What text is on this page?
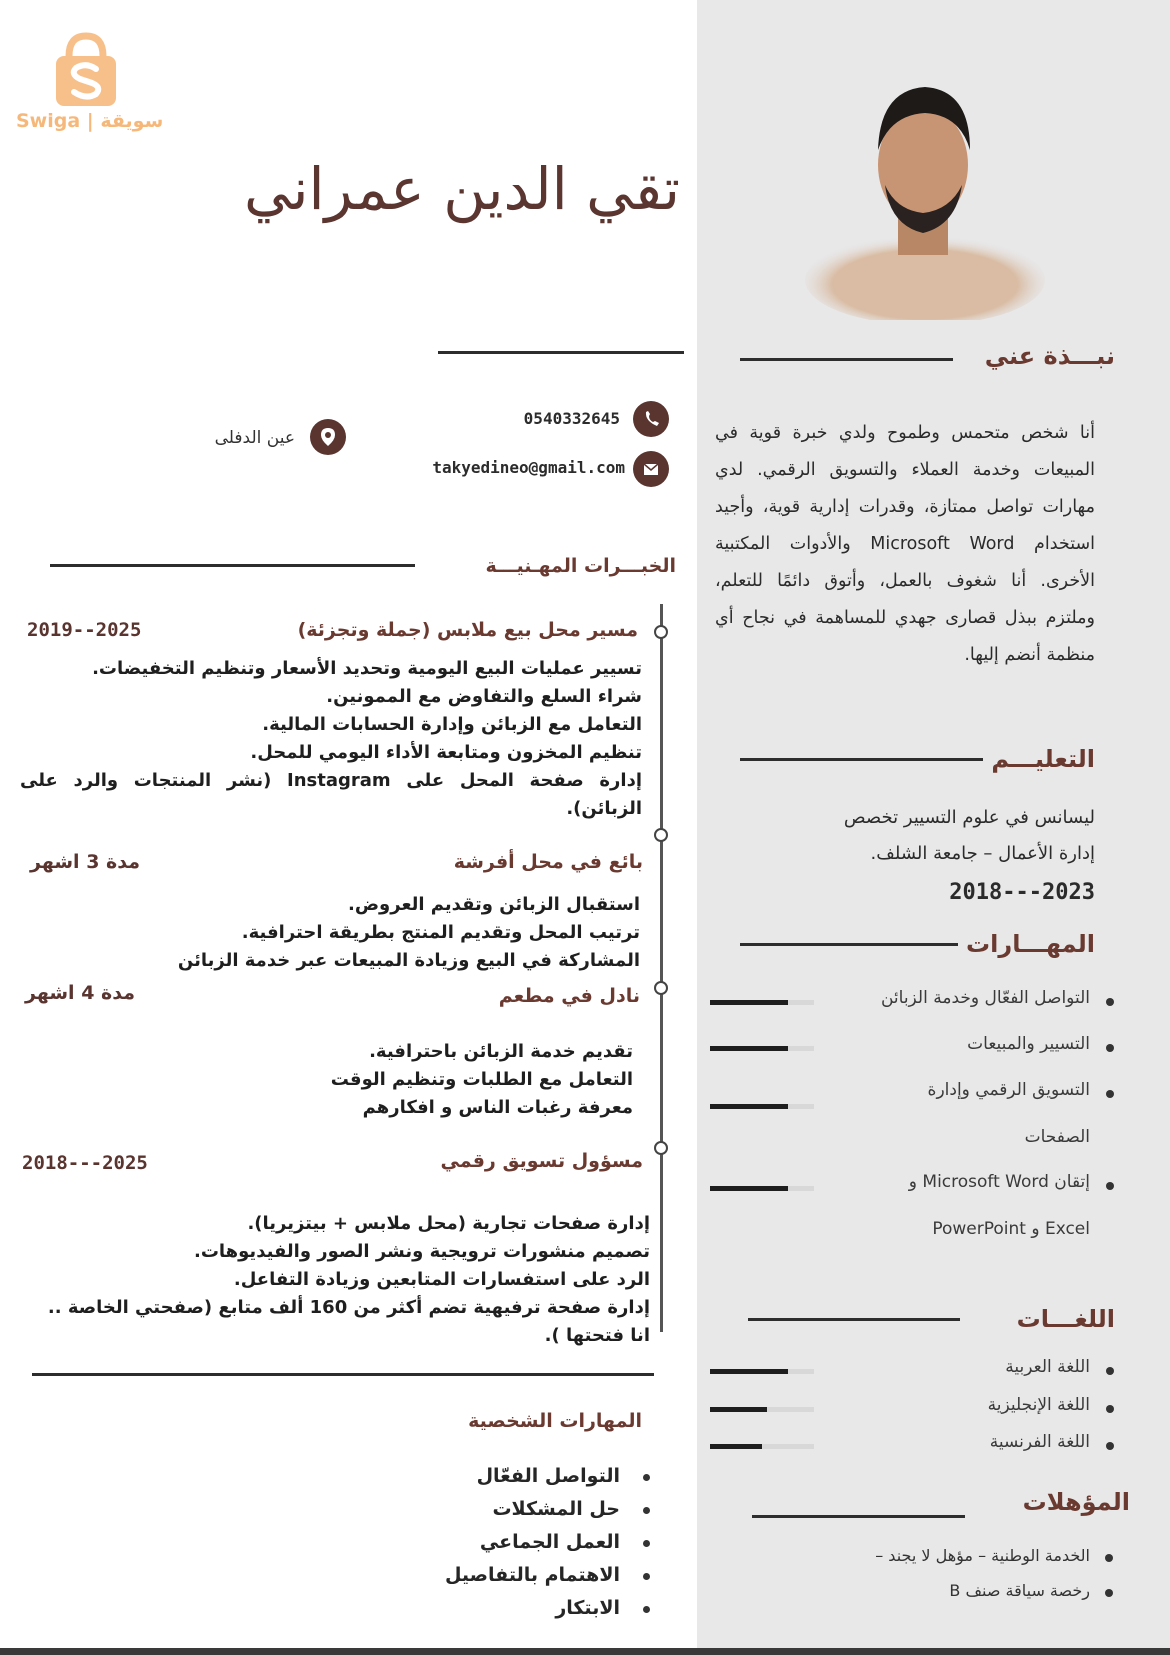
Swiga | سويقة
تقي الدين عمراني
0540332645
takyedineo@gmail.com
عين الدفلى
نبـــذة عني
أنا شخص متحمس وطموح ولدي خبرة قوية في المبيعات وخدمة العملاء والتسويق الرقمي. لدي مهارات تواصل ممتازة، وقدرات إدارية قوية، وأجيد استخدام Microsoft Word والأدوات المكتبية الأخرى. أنا شغوف بالعمل، وأتوق دائمًا للتعلم، وملتزم ببذل قصارى جهدي للمساهمة في نجاح أي منظمة أنضم إليها.
التعليـــم
ليسانس في علوم التسيير تخصص
إدارة الأعمال – جامعة الشلف.
2018---2023
المهـــارات
التواصل الفعّال وخدمة الزبائن
التسيير والمبيعات
التسويق الرقمي وإدارة
الصفحات
إتقان Microsoft Word و
Excel و PowerPoint
اللغـــات
اللغة العربية
اللغة الإنجليزية
اللغة الفرنسية
المؤهلات
الخدمة الوطنية – مؤهل لا يجند –
رخصة سياقة صنف B
الخبـــرات المهـنيـــة
مسير محل بيع ملابس (جملة وتجزئة)
2019--2025
تسيير عمليات البيع اليومية وتحديد الأسعار وتنظيم التخفيضات.
شراء السلع والتفاوض مع الممونين.
التعامل مع الزبائن وإدارة الحسابات المالية.
تنظيم المخزون ومتابعة الأداء اليومي للمحل.
إدارة صفحة المحل على Instagram (نشر المنتجات والرد على
الزبائن).
بائع في محل أفرشة
مدة 3 اشهر
استقبال الزبائن وتقديم العروض.
ترتيب المحل وتقديم المنتج بطريقة احترافية.
المشاركة في البيع وزيادة المبيعات عبر خدمة الزبائن
نادل في مطعم
مدة 4 اشهر
تقديم خدمة الزبائن باحترافية.
التعامل مع الطلبات وتنظيم الوقت
معرفة رغبات الناس و افكارهم
مسؤول تسويق رقمي
2018---2025
إدارة صفحات تجارية (محل ملابس + بيتزيريا).
تصميم منشورات ترويجية ونشر الصور والفيديوهات.
الرد على استفسارات المتابعين وزيادة التفاعل.
إدارة صفحة ترفيهية تضم أكثر من 160 ألف متابع (صفحتي الخاصة ..
انا فتحتها ).
المهارات الشخصية
التواصل الفعّال
حل المشكلات
العمل الجماعي
الاهتمام بالتفاصيل
الابتكار
